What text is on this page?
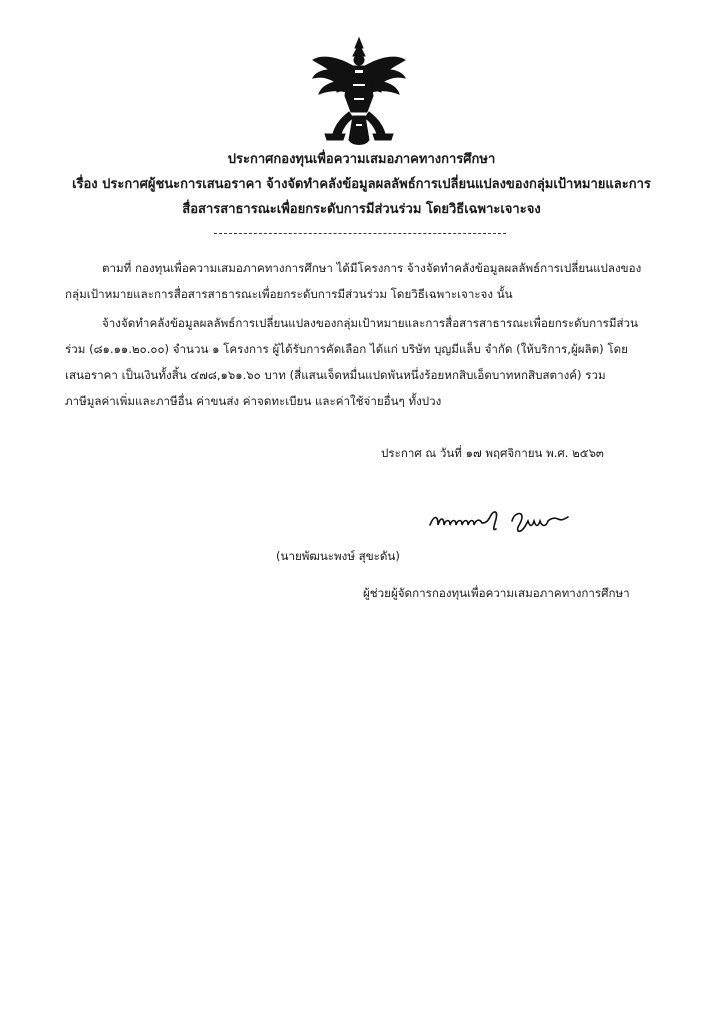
ประกาศกองทุนเพื่อความเสมอภาคทางการศึกษา
เรื่อง ประกาศผู้ชนะการเสนอราคา จ้างจัดทำคลังข้อมูลผลลัพธ์การเปลี่ยนแปลงของกลุ่มเป้าหมายและการ
สื่อสารสาธารณะเพื่อยกระดับการมีส่วนร่วม โดยวิธีเฉพาะเจาะจง
ตามที่ กองทุนเพื่อความเสมอภาคทางการศึกษา ได้มีโครงการ จ้างจัดทำคลังข้อมูลผลลัพธ์การเปลี่ยนแปลงของ
กลุ่มเป้าหมายและการสื่อสารสาธารณะเพื่อยกระดับการมีส่วนร่วม โดยวิธีเฉพาะเจาะจง นั้น
จ้างจัดทำคลังข้อมูลผลลัพธ์การเปลี่ยนแปลงของกลุ่มเป้าหมายและการสื่อสารสาธารณะเพื่อยกระดับการมีส่วน
ร่วม (๘๑.๑๑.๒๐.๐๐) จำนวน ๑ โครงการ ผู้ได้รับการคัดเลือก ได้แก่ บริษัท บุญมีแล็บ จำกัด (ให้บริการ,ผู้ผลิต) โดย
เสนอราคา เป็นเงินทั้งสิ้น ๔๗๘,๑๖๑.๖๐ บาท (สี่แสนเจ็ดหมื่นแปดพันหนึ่งร้อยหกสิบเอ็ดบาทหกสิบสตางค์) รวม
ภาษีมูลค่าเพิ่มและภาษีอื่น ค่าขนส่ง ค่าจดทะเบียน และค่าใช้จ่ายอื่นๆ ทั้งปวง
ประกาศ ณ วันที่ ๑๗ พฤศจิกายน พ.ศ. ๒๕๖๓
(นายพัฒนะพงษ์ สุขะดัน)
ผู้ช่วยผู้จัดการกองทุนเพื่อความเสมอภาคทางการศึกษา
